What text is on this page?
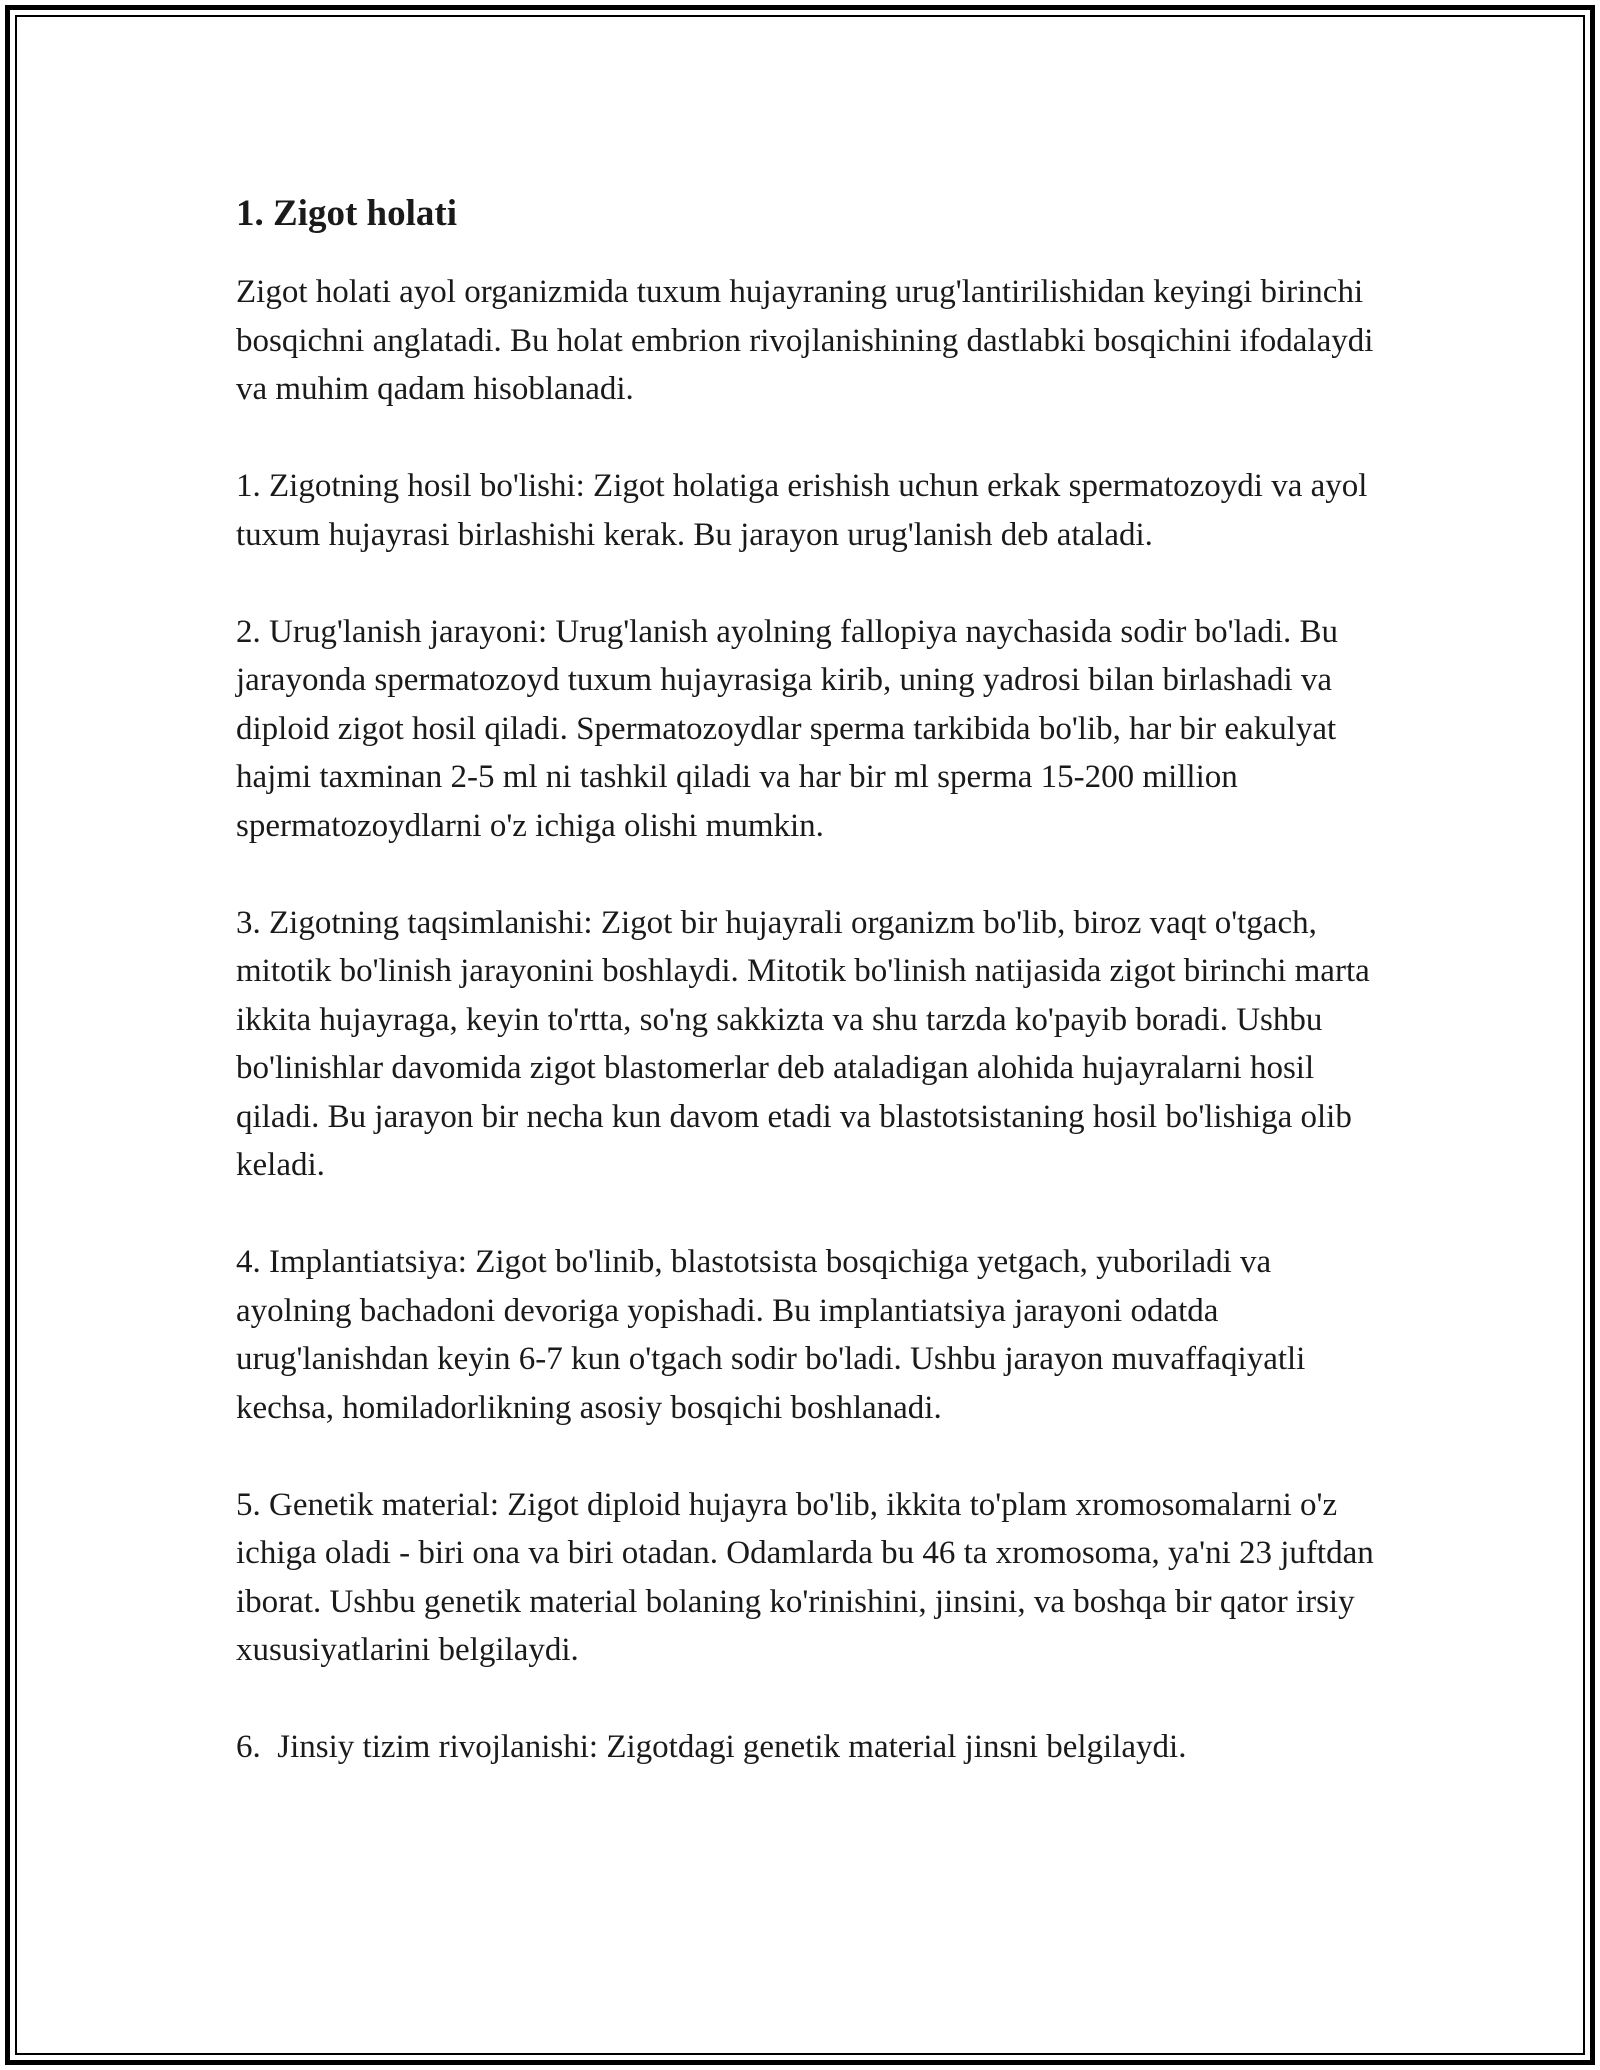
1. Zigot holati

Zigot holati ayol organizmida tuxum hujayraning urug'lantirilishidan keyingi birinchi bosqichni anglatadi. Bu holat embrion rivojlanishining dastlabki bosqichini ifodalaydi va muhim qadam hisoblanadi.

1. Zigotning hosil bo'lishi: Zigot holatiga erishish uchun erkak spermatozoydi va ayol tuxum hujayrasi birlashishi kerak. Bu jarayon urug'lanish deb ataladi.

2. Urug'lanish jarayoni: Urug'lanish ayolning fallopiya naychasida sodir bo'ladi. Bu jarayonda spermatozoyd tuxum hujayrasiga kirib, uning yadrosi bilan birlashadi va diploid zigot hosil qiladi. Spermatozoydlar sperma tarkibida bo'lib, har bir eakulyat hajmi taxminan 2-5 ml ni tashkil qiladi va har bir ml sperma 15-200 million spermatozoydlarni o'z ichiga olishi mumkin.

3. Zigotning taqsimlanishi: Zigot bir hujayrali organizm bo'lib, biroz vaqt o'tgach, mitotik bo'linish jarayonini boshlaydi. Mitotik bo'linish natijasida zigot birinchi marta ikkita hujayraga, keyin to'rtta, so'ng sakkizta va shu tarzda ko'payib boradi. Ushbu bo'linishlar davomida zigot blastomerlar deb ataladigan alohida hujayralarni hosil qiladi. Bu jarayon bir necha kun davom etadi va blastotsistaning hosil bo'lishiga olib keladi.

4. Implantiatsiya: Zigot bo'linib, blastotsista bosqichiga yetgach, yuboriladi va ayolning bachadoni devoriga yopishadi. Bu implantiatsiya jarayoni odatda urug'lanishdan keyin 6-7 kun o'tgach sodir bo'ladi. Ushbu jarayon muvaffaqiyatli kechsa, homiladorlikning asosiy bosqichi boshlanadi.

5. Genetik material: Zigot diploid hujayra bo'lib, ikkita to'plam xromosomalarni o'z ichiga oladi - biri ona va biri otadan. Odamlarda bu 46 ta xromosoma, ya'ni 23 juftdan iborat. Ushbu genetik material bolaning ko'rinishini, jinsini, va boshqa bir qator irsiy xususiyatlarini belgilaydi.

6.  Jinsiy tizim rivojlanishi: Zigotdagi genetik material jinsni belgilaydi.
